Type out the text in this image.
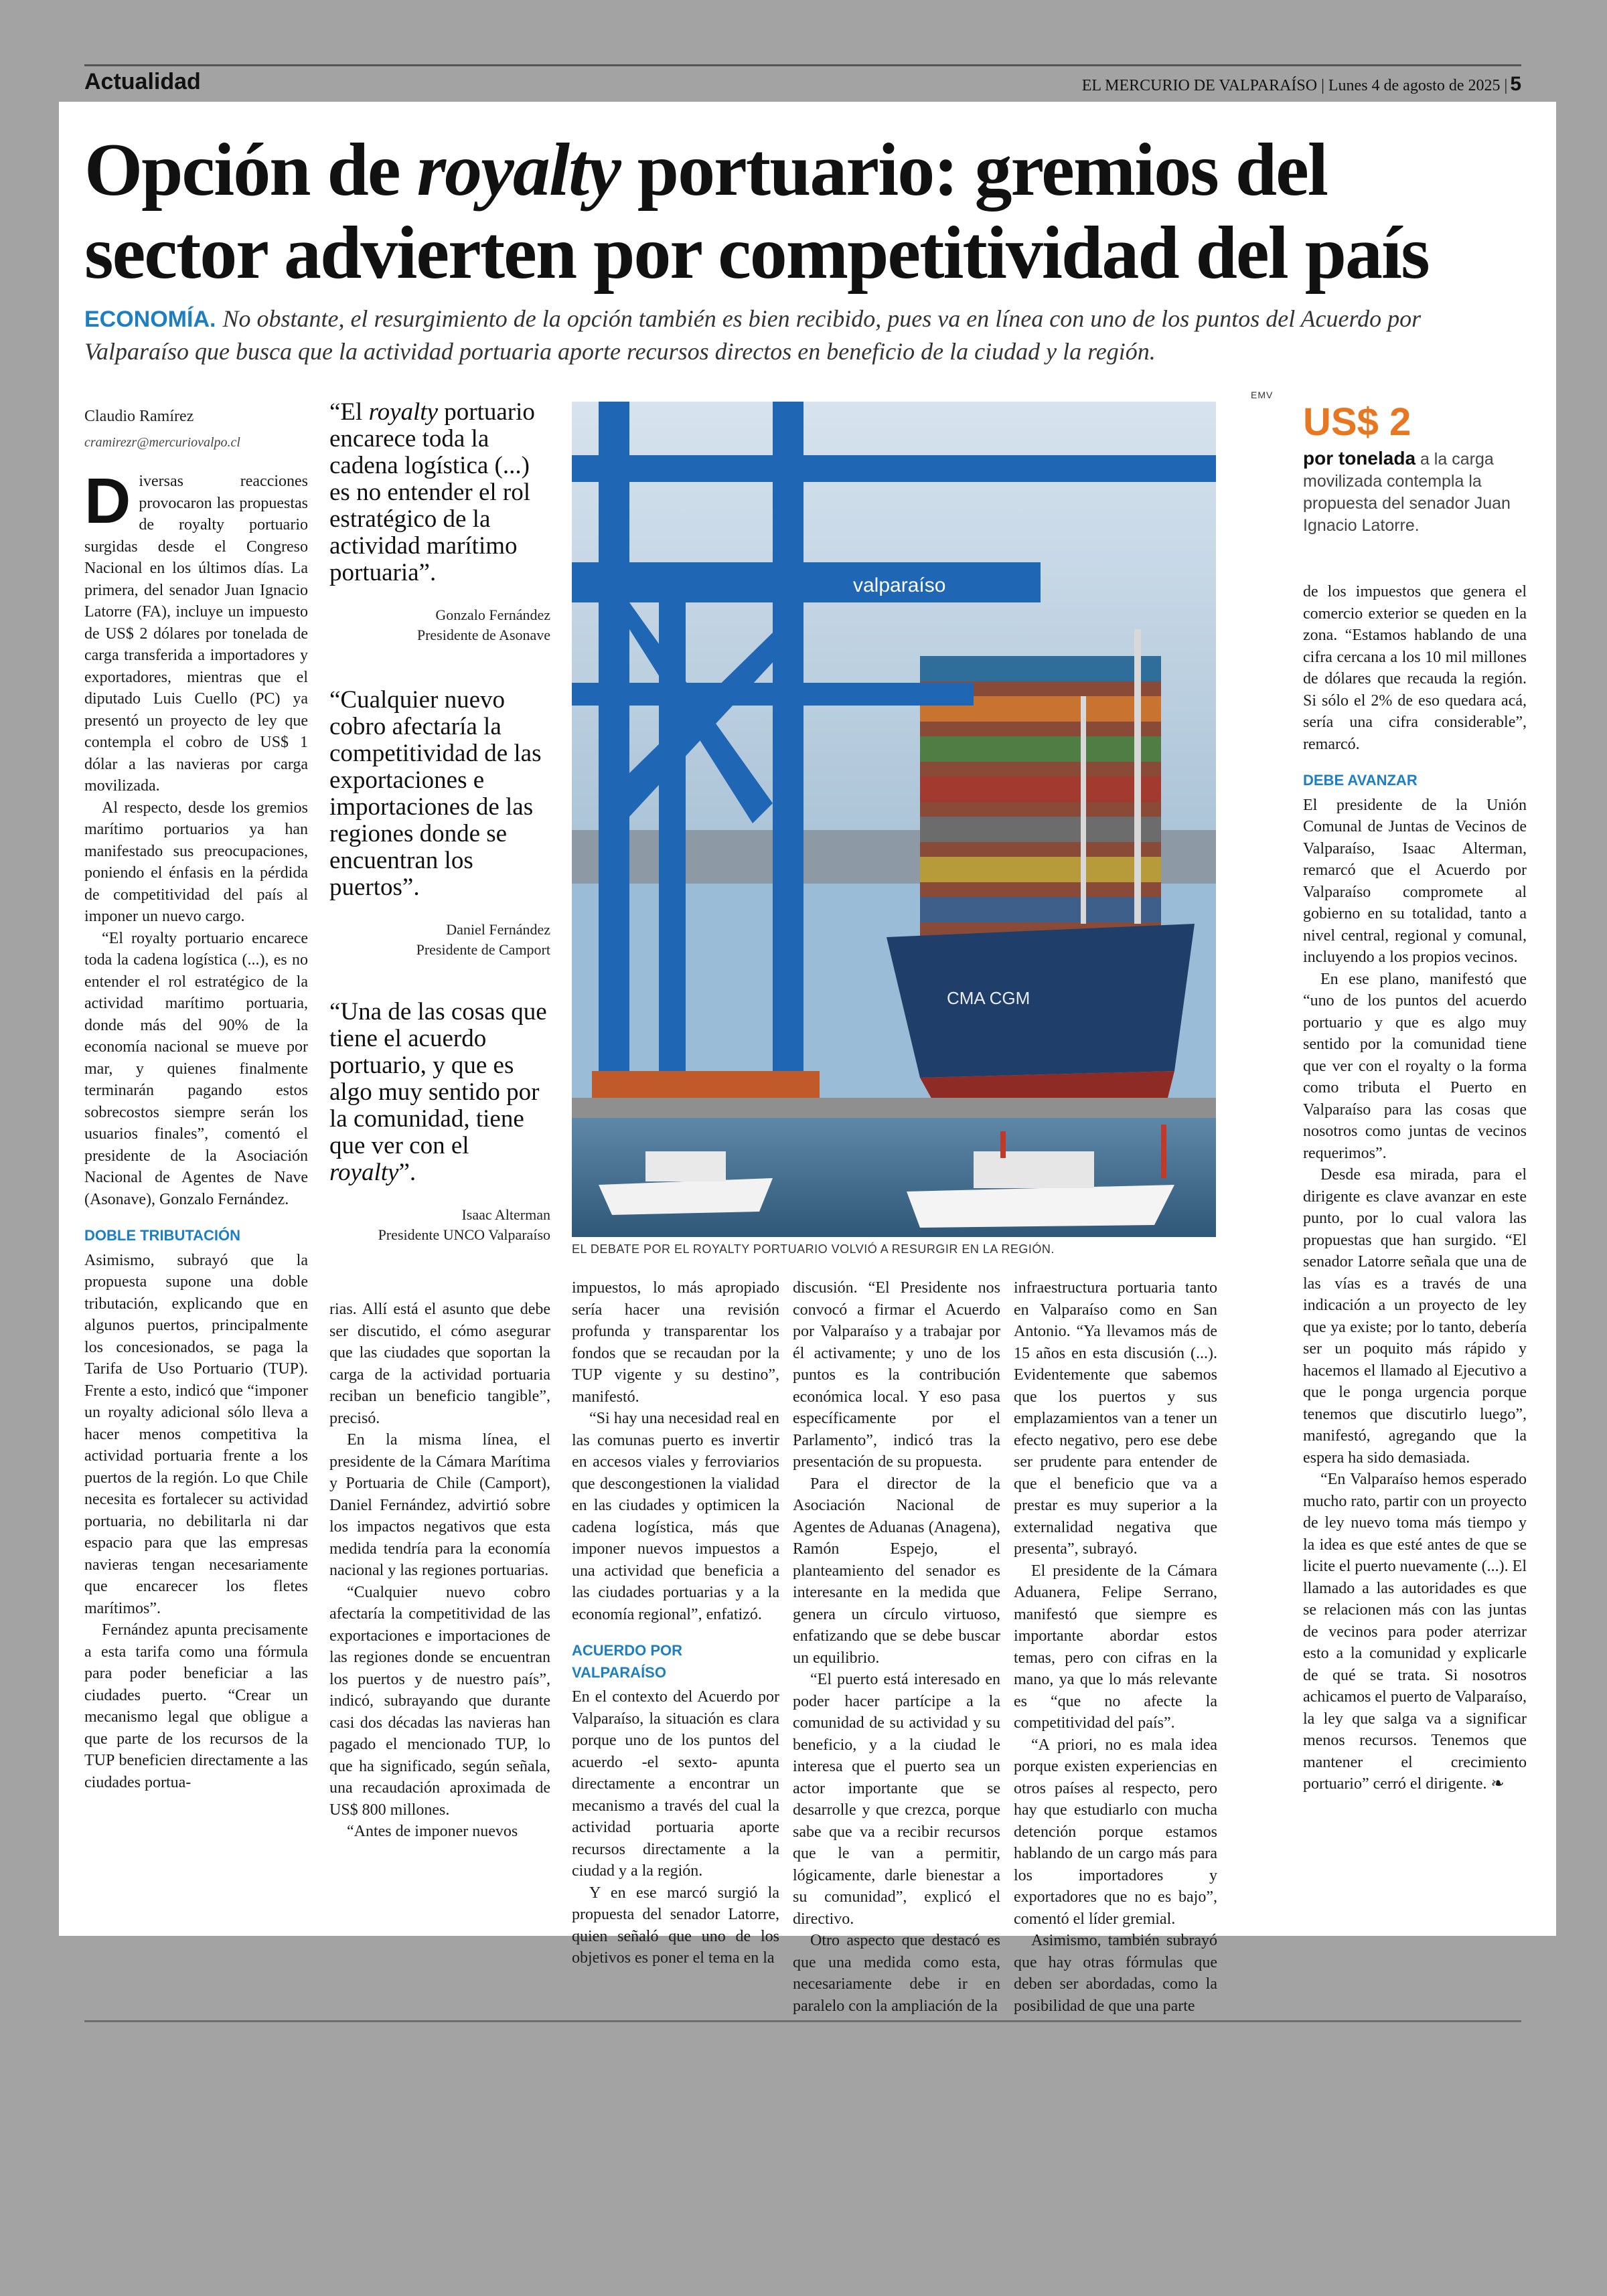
Actualidad	EL MERCURIO DE VALPARAÍSO | Lunes 4 de agosto de 2025 | 5
Opción de royalty portuario: gremios del sector advierten por competitividad del país

ECONOMÍA. No obstante, el resurgimiento de la opción también es bien recibido, pues va en línea con uno de los puntos del Acuerdo por Valparaíso que busca que la actividad portuaria aporte recursos directos en beneficio de la ciudad y la región.

Claudio Ramírez
cramirezr@mercuriovalpo.cl

Diversas reacciones provocaron las propuestas de royalty portuario surgidas desde el Congreso Nacional en los últimos días. La primera, del senador Juan Ignacio Latorre (FA), incluye un impuesto de US$ 2 dólares por tonelada de carga transferida a importadores y exportadores, mientras que el diputado Luis Cuello (PC) ya presentó un proyecto de ley que contempla el cobro de US$ 1 dólar a las navieras por carga movilizada.

Al respecto, desde los gremios marítimo portuarios ya han manifestado sus preocupaciones, poniendo el énfasis en la pérdida de competitividad del país al imponer un nuevo cargo.

“El royalty portuario encarece toda la cadena logística (...), es no entender el rol estratégico de la actividad marítimo portuaria, donde más del 90% de la economía nacional se mueve por mar, y quienes finalmente terminarán pagando estos sobrecostos siempre serán los usuarios finales”, comentó el presidente de la Asociación Nacional de Agentes de Nave (Asonave), Gonzalo Fernández.

DOBLE TRIBUTACIÓN

Asimismo, subrayó que la propuesta supone una doble tributación, explicando que en algunos puertos, principalmente los concesionados, se paga la Tarifa de Uso Portuario (TUP). Frente a esto, indicó que “imponer un royalty adicional sólo lleva a hacer menos competitiva la actividad portuaria frente a los puertos de la región. Lo que Chile necesita es fortalecer su actividad portuaria, no debilitarla ni dar espacio para que las empresas navieras tengan necesariamente que encarecer los fletes marítimos”.

Fernández apunta precisamente a esta tarifa como una fórmula para poder beneficiar a las ciudades puerto. “Crear un mecanismo legal que obligue a que parte de los recursos de la TUP beneficien directamente a las ciudades portua-

“El royalty portuario encarece toda la cadena logística (...) es no entender el rol estratégico de la actividad marítimo portuaria”.
Gonzalo Fernández
Presidente de Asonave
“Cualquier nuevo cobro afectaría la competitividad de las exportaciones e importaciones de las regiones donde se encuentran los puertos”.
Daniel Fernández
Presidente de Camport
“Una de las cosas que tiene el acuerdo portuario, y que es algo muy sentido por la comunidad, tiene que ver con el royalty”.
Isaac Alterman
Presidente UNCO Valparaíso

rias. Allí está el asunto que debe ser discutido, el cómo asegurar que las ciudades que soportan la carga de la actividad portuaria reciban un beneficio tangible”, precisó.

En la misma línea, el presidente de la Cámara Marítima y Portuaria de Chile (Camport), Daniel Fernández, advirtió sobre los impactos negativos que esta medida tendría para la economía nacional y las regiones portuarias.

“Cualquier nuevo cobro afectaría la competitividad de las exportaciones e importaciones de las regiones donde se encuentran los puertos y de nuestro país”, indicó, subrayando que durante casi dos décadas las navieras han pagado el mencionado TUP, lo que ha significado, según señala, una recaudación aproximada de US$ 800 millones.

“Antes de imponer nuevos

EMV
CMA CGM
valparaíso
EL DEBATE POR EL ROYALTY PORTUARIO VOLVIÓ A RESURGIR EN LA REGIÓN.

impuestos, lo más apropiado sería hacer una revisión profunda y transparentar los fondos que se recaudan por la TUP vigente y su destino”, manifestó.

“Si hay una necesidad real en las comunas puerto es invertir en accesos viales y ferroviarios que descongestionen la vialidad en las ciudades y optimicen la cadena logística, más que imponer nuevos impuestos a una actividad que beneficia a las ciudades portuarias y a la economía regional”, enfatizó.

ACUERDO POR VALPARAÍSO

En el contexto del Acuerdo por Valparaíso, la situación es clara porque uno de los puntos del acuerdo -el sexto- apunta directamente a encontrar un mecanismo a través del cual la actividad portuaria aporte recursos directamente a la ciudad y a la región.

Y en ese marcó surgió la propuesta del senador Latorre, quien señaló que uno de los objetivos es poner el tema en la

discusión. “El Presidente nos convocó a firmar el Acuerdo por Valparaíso y a trabajar por él activamente; y uno de los puntos es la contribución económica local. Y eso pasa específicamente por el Parlamento”, indicó tras la presentación de su propuesta.

Para el director de la Asociación Nacional de Agentes de Aduanas (Anagena), Ramón Espejo, el planteamiento del senador es interesante en la medida que genera un círculo virtuoso, enfatizando que se debe buscar un equilibrio.

“El puerto está interesado en poder hacer partícipe a la comunidad de su actividad y su beneficio, y a la ciudad le interesa que el puerto sea un actor importante que se desarrolle y que crezca, porque sabe que va a recibir recursos que le van a permitir, lógicamente, darle bienestar a su comunidad”, explicó el directivo.

Otro aspecto que destacó es que una medida como esta, necesariamente debe ir en paralelo con la ampliación de la

infraestructura portuaria tanto en Valparaíso como en San Antonio. “Ya llevamos más de 15 años en esta discusión (...). Evidentemente que sabemos que los puertos y sus emplazamientos van a tener un efecto negativo, pero ese debe ser prudente para entender de que el beneficio que va a prestar es muy superior a la externalidad negativa que presenta”, subrayó.

El presidente de la Cámara Aduanera, Felipe Serrano, manifestó que siempre es importante abordar estos temas, pero con cifras en la mano, ya que lo más relevante es “que no afecte la competitividad del país”.

“A priori, no es mala idea porque existen experiencias en otros países al respecto, pero hay que estudiarlo con mucha detención porque estamos hablando de un cargo más para los importadores y exportadores que no es bajo”, comentó el líder gremial.

Asimismo, también subrayó que hay otras fórmulas que deben ser abordadas, como la posibilidad de que una parte

US$ 2
por tonelada a la carga movilizada contempla la propuesta del senador Juan Ignacio Latorre.

de los impuestos que genera el comercio exterior se queden en la zona. “Estamos hablando de una cifra cercana a los 10 mil millones de dólares que recauda la región. Si sólo el 2% de eso quedara acá, sería una cifra considerable”, remarcó.

DEBE AVANZAR

El presidente de la Unión Comunal de Juntas de Vecinos de Valparaíso, Isaac Alterman, remarcó que el Acuerdo por Valparaíso compromete al gobierno en su totalidad, tanto a nivel central, regional y comunal, incluyendo a los propios vecinos.

En ese plano, manifestó que “uno de los puntos del acuerdo portuario y que es algo muy sentido por la comunidad tiene que ver con el royalty o la forma como tributa el Puerto en Valparaíso para las cosas que nosotros como juntas de vecinos requerimos”.

Desde esa mirada, para el dirigente es clave avanzar en este punto, por lo cual valora las propuestas que han surgido. “El senador Latorre señala que una de las vías es a través de una indicación a un proyecto de ley que ya existe; por lo tanto, debería ser un poquito más rápido y hacemos el llamado al Ejecutivo a que le ponga urgencia porque tenemos que discutirlo luego”, manifestó, agregando que la espera ha sido demasiada.

“En Valparaíso hemos esperado mucho rato, partir con un proyecto de ley nuevo toma más tiempo y la idea es que esté antes de que se licite el puerto nuevamente (...). El llamado a las autoridades es que se relacionen más con las juntas de vecinos para poder aterrizar esto a la comunidad y explicarle de qué se trata. Si nosotros achicamos el puerto de Valparaíso, la ley que salga va a significar menos recursos. Tenemos que mantener el crecimiento portuario” cerró el dirigente. ❧
